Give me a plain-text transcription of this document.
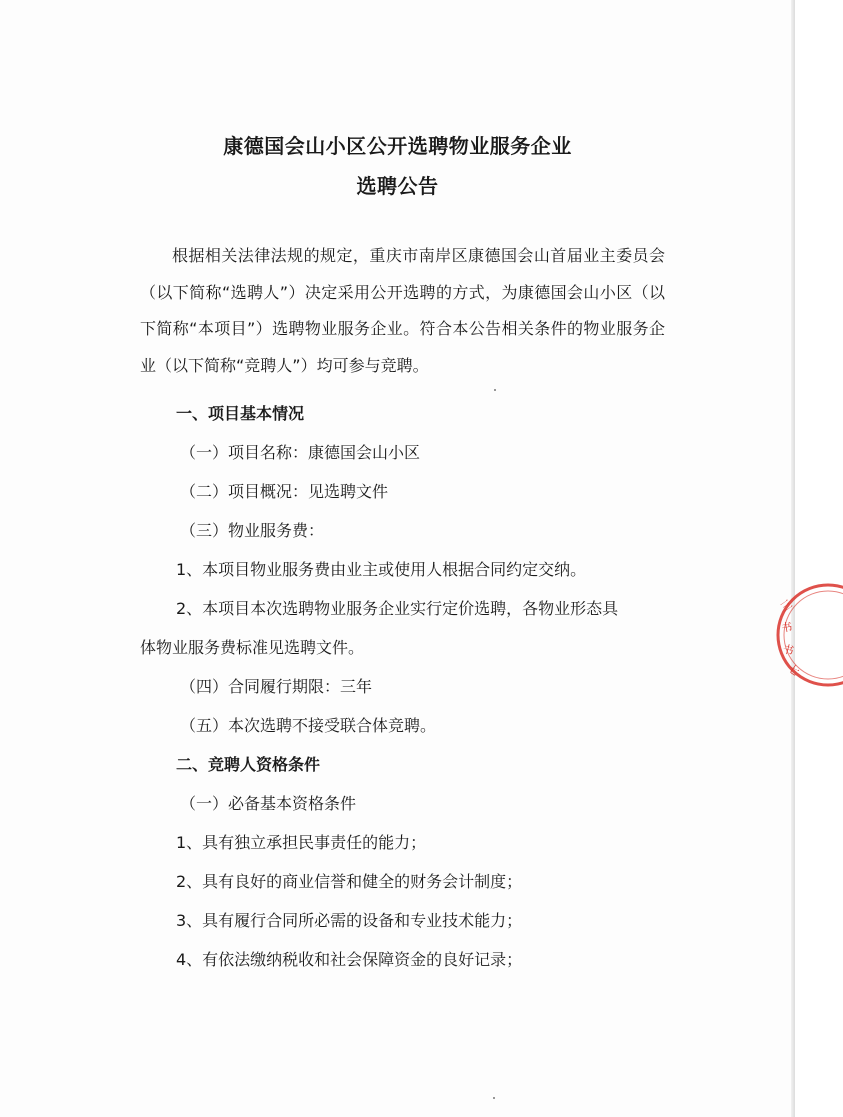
康德国会山小区公开选聘物业服务企业
选聘公告
根据相关法律法规的规定，重庆市南岸区康德国会山首届业主委员会（以下简称“选聘人”）决定采用公开选聘的方式，为康德国会山小区（以下简称“本项目”）选聘物业服务企业。符合本公告相关条件的物业服务企业（以下简称“竞聘人”）均可参与竞聘。
一、项目基本情况
（一）项目名称：康德国会山小区
（二）项目概况：见选聘文件
（三）物业服务费：
1、本项目物业服务费由业主或使用人根据合同约定交纳。
2、本项目本次选聘物业服务企业实行定价选聘，各物业形态具
体物业服务费标准见选聘文件。
（四）合同履行期限：三年
（五）本次选聘不接受联合体竞聘。
二、竞聘人资格条件
（一）必备基本资格条件
1、具有独立承担民事责任的能力；
2、具有良好的商业信誉和健全的财务会计制度；
3、具有履行合同所必需的设备和专业技术能力；
4、有依法缴纳税收和社会保障资金的良好记录；
三
书
书
七
